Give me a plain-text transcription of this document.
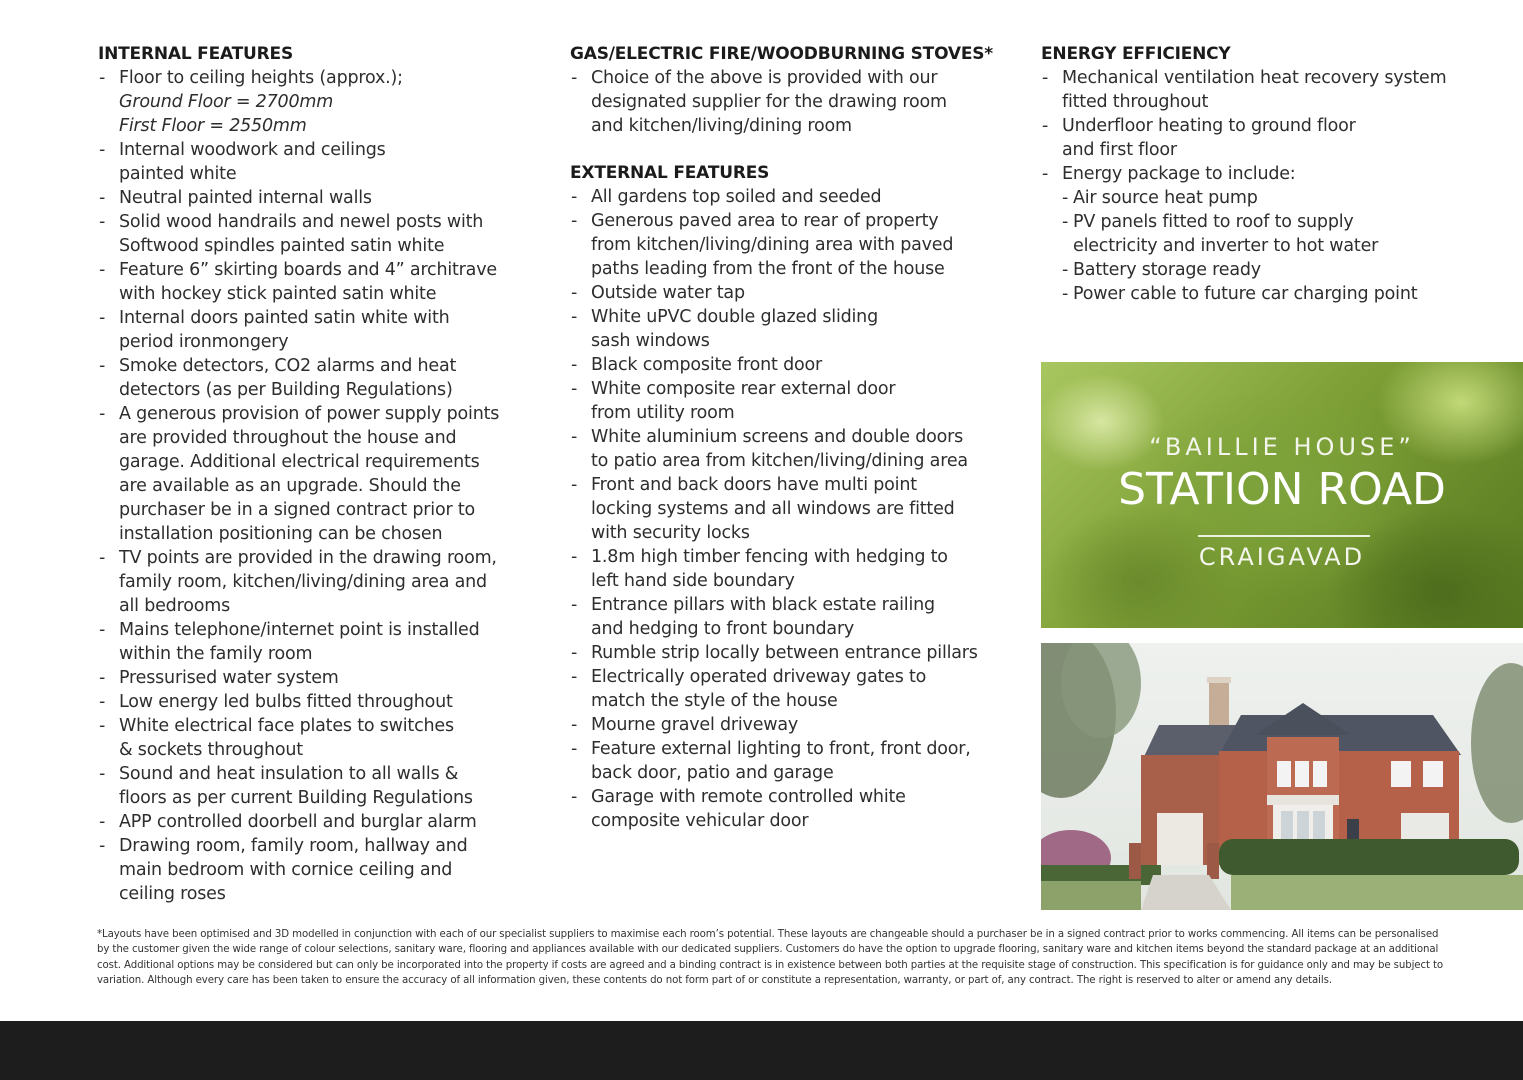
INTERNAL FEATURES
- Floor to ceiling heights (approx.);
Ground Floor = 2700mm
First Floor = 2550mm
- Internal woodwork and ceilings
painted white
- Neutral painted internal walls
- Solid wood handrails and newel posts with
Softwood spindles painted satin white
- Feature 6” skirting boards and 4” architrave
with hockey stick painted satin white
- Internal doors painted satin white with
period ironmongery
- Smoke detectors, CO2 alarms and heat
detectors (as per Building Regulations)
- A generous provision of power supply points
are provided throughout the house and
garage. Additional electrical requirements
are available as an upgrade. Should the
purchaser be in a signed contract prior to
installation positioning can be chosen
- TV points are provided in the drawing room,
family room, kitchen/living/dining area and
all bedrooms
- Mains telephone/internet point is installed
within the family room
- Pressurised water system
- Low energy led bulbs fitted throughout
- White electrical face plates to switches
& sockets throughout
- Sound and heat insulation to all walls &
floors as per current Building Regulations
- APP controlled doorbell and burglar alarm
- Drawing room, family room, hallway and
main bedroom with cornice ceiling and
ceiling roses
GAS/ELECTRIC FIRE/WOODBURNING STOVES*
- Choice of the above is provided with our
designated supplier for the drawing room
and kitchen/living/dining room
EXTERNAL FEATURES
- All gardens top soiled and seeded
- Generous paved area to rear of property
from kitchen/living/dining area with paved
paths leading from the front of the house
- Outside water tap
- White uPVC double glazed sliding
sash windows
- Black composite front door
- White composite rear external door
from utility room
- White aluminium screens and double doors
to patio area from kitchen/living/dining area
- Front and back doors have multi point
locking systems and all windows are fitted
with security locks
- 1.8m high timber fencing with hedging to
left hand side boundary
- Entrance pillars with black estate railing
and hedging to front boundary
- Rumble strip locally between entrance pillars
- Electrically operated driveway gates to
match the style of the house
- Mourne gravel driveway
- Feature external lighting to front, front door,
back door, patio and garage
- Garage with remote controlled white
composite vehicular door
ENERGY EFFICIENCY
- Mechanical ventilation heat recovery system
fitted throughout
- Underfloor heating to ground floor
and first floor
- Energy package to include:
- Air source heat pump
- PV panels fitted to roof to supply
electricity and inverter to hot water
- Battery storage ready
- Power cable to future car charging point
“BAILLIE HOUSE”
STATION ROAD
CRAIGAVAD

*Layouts have been optimised and 3D modelled in conjunction with each of our specialist suppliers to maximise each room’s potential. These layouts are changeable should a purchaser be in a signed contract prior to works commencing. All items can be personalised by the customer given the wide range of colour selections, sanitary ware, flooring and appliances available with our dedicated suppliers. Customers do have the option to upgrade flooring, sanitary ware and kitchen items beyond the standard package at an additional cost. Additional options may be considered but can only be incorporated into the property if costs are agreed and a binding contract is in existence between both parties at the requisite stage of construction. This specification is for guidance only and may be subject to variation. Although every care has been taken to ensure the accuracy of all information given, these contents do not form part of or constitute a representation, warranty, or part of, any contract. The right is reserved to alter or amend any details.
